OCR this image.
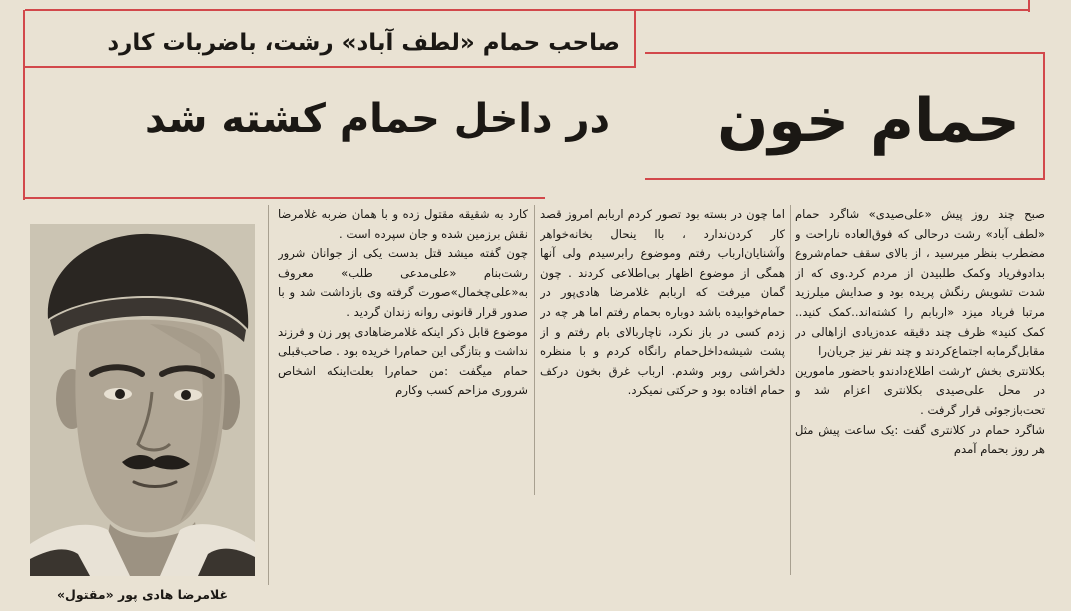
صاحب حمام «لطف آباد» رشت، باضربات کارد
حمام خون
در داخل حمام کشته شد

صبح چند روز پیش «علی‌صیدی» شاگرد حمام «لطف آباد» رشت درحالی که فوق‌العاده ناراحت و مضطرب بنظر میرسید ، از بالای سقف حمام‌شروع بدادوفریاد وکمک طلبیدن از مردم کرد.وی که از شدت تشویش رنگش پریده بود و صدایش میلرزید مرتبا فریاد میزد «اربابم را کشته‌اند..کمک کنید.. کمک کنید» ظرف چند دقیقه عده‌زیادی ازاهالی در مقابل‌گرمابه اجتماع‌کردند و چند نفر نیز جریان‌را

بکلانتری بخش ۲رشت اطلاع‌دادندو باحضور مامورین در محل علی‌صیدی بکلانتری اعزام شد و تحت‌بازجوئی قرار گرفت .

شاگرد حمام در کلانتری گفت :یک ساعت پیش مثل هر روز بحمام آمدم

اما چون در بسته بود تصور کردم اربابم امروز قصد کار کردن‌ندارد ، باا ینحال بخانه‌خواهر وآشنایان‌ارباب رفتم وموضوع رابرسیدم ولی آنها همگی از موضوع اظهار بی‌اطلاعی کردند . چون گمان میرفت که اربابم غلامرضا هادی‌پور در حمام‌خوابیده باشد دوباره بحمام رفتم اما هر چه در زدم کسی در باز نکرد، ناچاربالای بام رفتم و از پشت شیشه‌داخل‌حمام رانگاه کردم و با منظره دلخراشی روبر وشدم. ارباب غرق بخون در‌کف حمام افتاده بود و حرکتی نمیکرد.

کارد به شقیقه مقتول زده و با همان ضربه غلامرضا نقش برزمین شده و جان سپرده است .

چون گفته میشد قتل بدست یکی از جوانان شرور رشت‌بنام «علی‌مدعی طلب» معروف به«علی‌چخمال»صورت گرفته وی بازداشت شد و با صدور قرار قانونی روانه زندان گردید .

موضوع قابل ذکر اینکه غلامرضاهادی پور زن و فرزند نداشت و بتازگی این حمام‌را خریده بود . صاحب‌قبلی حمام میگفت :من حمام‌را بعلت‌اینکه اشخاص شروری مزاحم کسب وکارم

غلامرضا هادی پور «مقتول»
